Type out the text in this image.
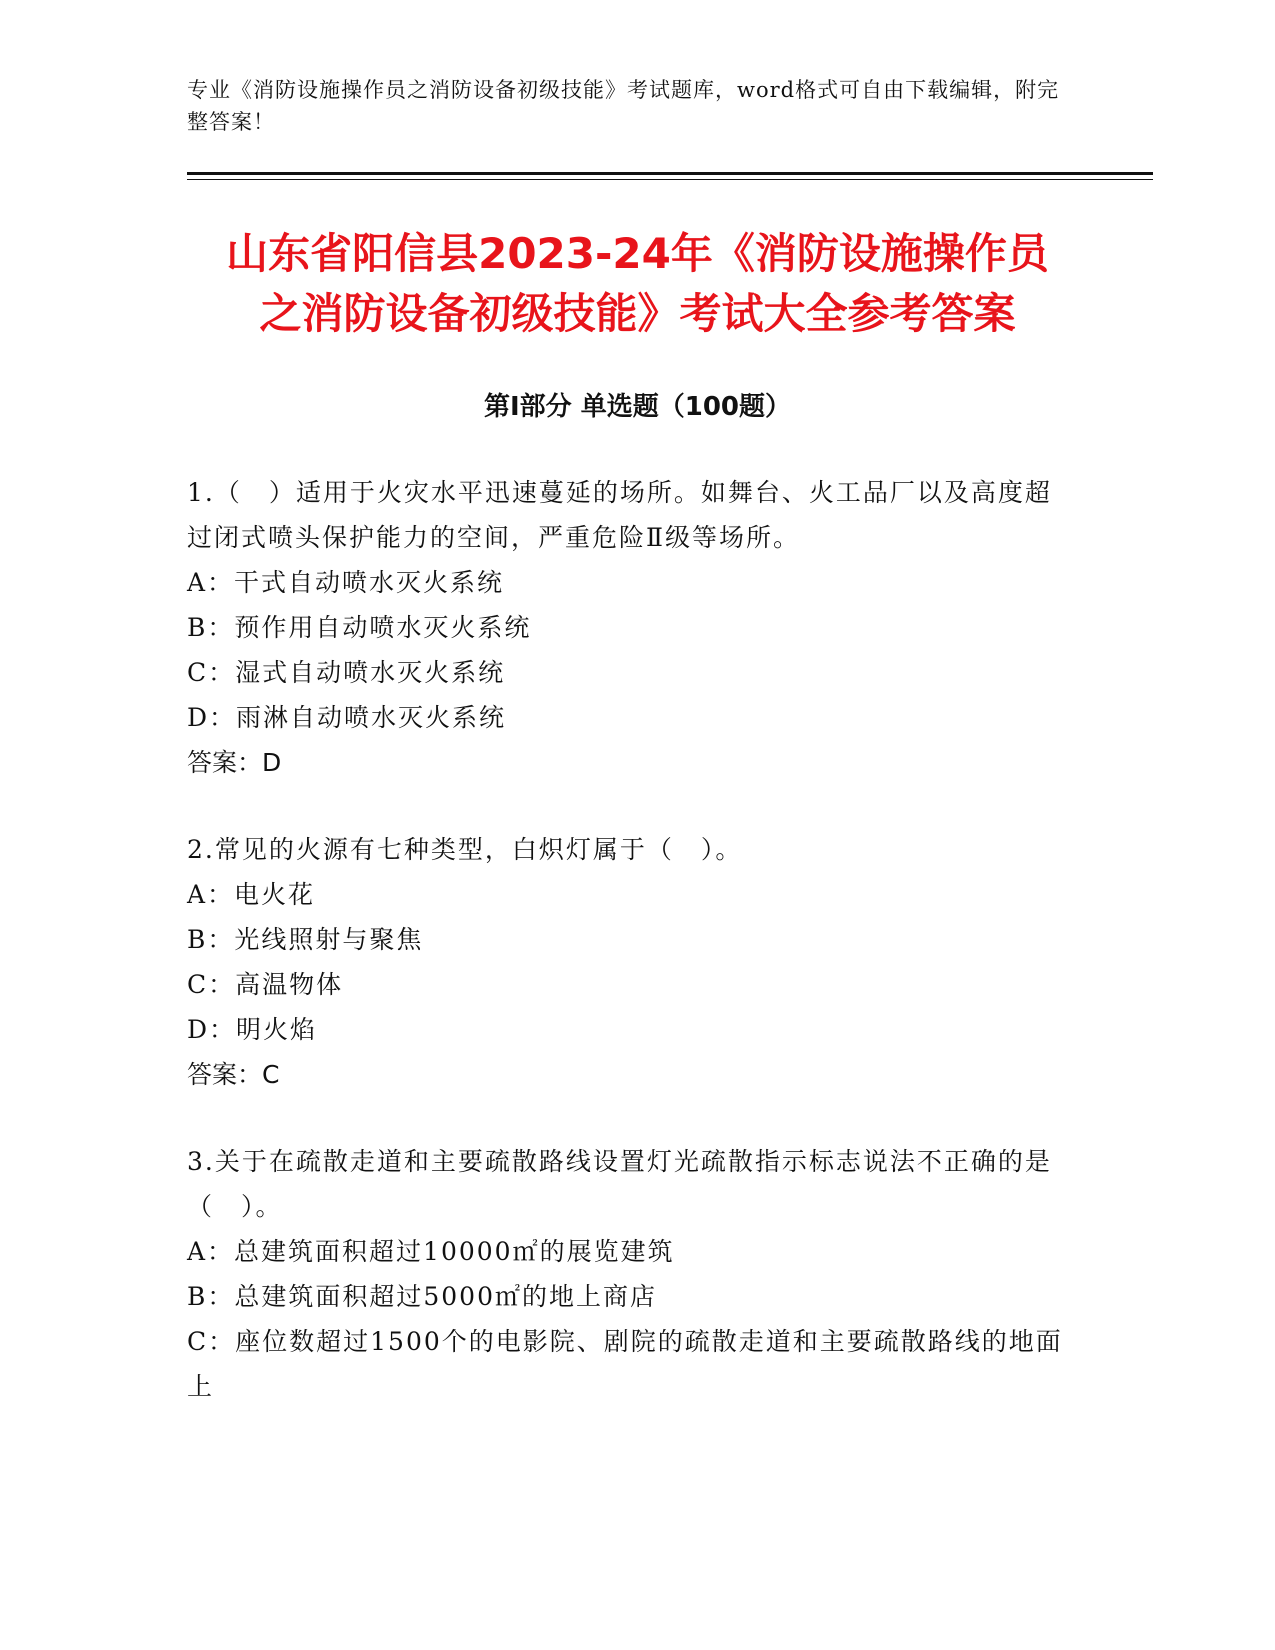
专业《消防设施操作员之消防设备初级技能》考试题库，word格式可自由下载编辑，附完整答案！
山东省阳信县2023-24年《消防设施操作员
之消防设备初级技能》考试大全参考答案
第Ⅰ部分 单选题（100题）

1.（　）适用于火灾水平迅速蔓延的场所。如舞台、火工品厂以及高度超过闭式喷头保护能力的空间，严重危险Ⅱ级等场所。

A：干式自动喷水灭火系统

B：预作用自动喷水灭火系统

C：湿式自动喷水灭火系统

D：雨淋自动喷水灭火系统

答案：D

2.常见的火源有七种类型，白炽灯属于（　）。

A：电火花

B：光线照射与聚焦

C：高温物体

D：明火焰

答案：C

3.关于在疏散走道和主要疏散路线设置灯光疏散指示标志说法不正确的是（　）。

A：总建筑面积超过10000㎡的展览建筑

B：总建筑面积超过5000㎡的地上商店

C：座位数超过1500个的电影院、剧院的疏散走道和主要疏散路线的地面上
